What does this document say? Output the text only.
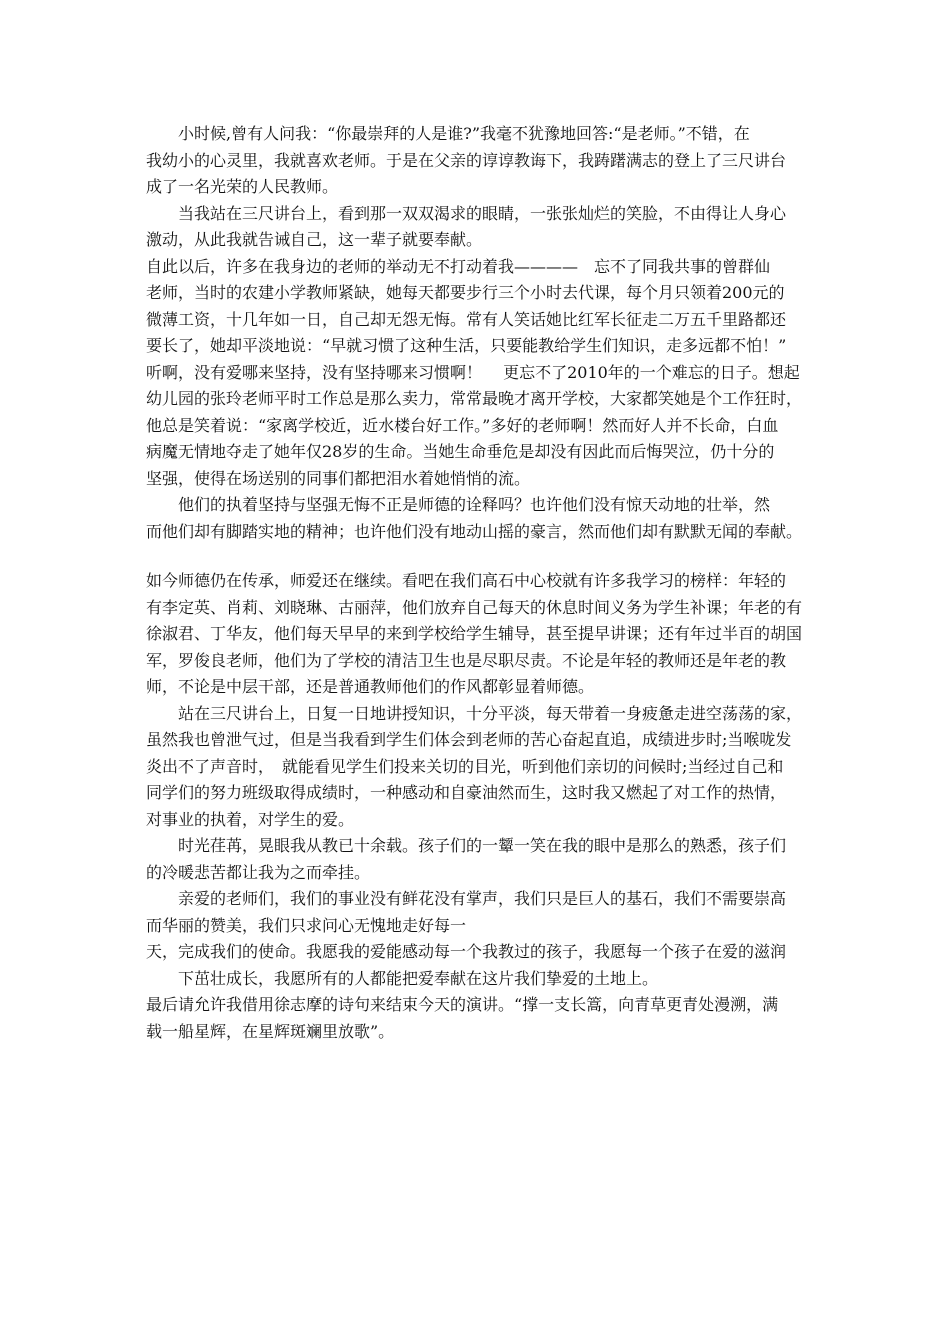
小时候,曾有人问我：“你最崇拜的人是谁?”我毫不犹豫地回答:“是老师。”不错，在
我幼小的心灵里，我就喜欢老师。于是在父亲的谆谆教诲下，我踌躇满志的登上了三尺讲台
成了一名光荣的人民教师。
当我站在三尺讲台上，看到那一双双渴求的眼睛，一张张灿烂的笑脸，不由得让人身心
激动，从此我就告诫自己，这一辈子就要奉献。
自此以后，许多在我身边的老师的举动无不打动着我————　忘不了同我共事的曾群仙
老师，当时的农建小学教师紧缺，她每天都要步行三个小时去代课，每个月只领着200元的
微薄工资，十几年如一日，自己却无怨无悔。常有人笑话她比红军长征走二万五千里路都还
要长了，她却平淡地说：“早就习惯了这种生活，只要能教给学生们知识，走多远都不怕！”
听啊，没有爱哪来坚持，没有坚持哪来习惯啊！　 更忘不了2010年的一个难忘的日子。想起
幼儿园的张玲老师平时工作总是那么卖力，常常最晚才离开学校，大家都笑她是个工作狂时，
他总是笑着说：“家离学校近，近水楼台好工作。”多好的老师啊！然而好人并不长命，白血
病魔无情地夺走了她年仅28岁的生命。当她生命垂危是却没有因此而后悔哭泣，仍十分的
坚强，使得在场送别的同事们都把泪水着她悄悄的流。
他们的执着坚持与坚强无悔不正是师德的诠释吗？也许他们没有惊天动地的壮举，然
而他们却有脚踏实地的精神；也许他们没有地动山摇的豪言，然而他们却有默默无闻的奉献。
如今师德仍在传承，师爱还在继续。看吧在我们高石中心校就有许多我学习的榜样：年轻的
有李定英、肖莉、刘晓琳、古丽萍，他们放弃自己每天的休息时间义务为学生补课；年老的有
徐淑君、丁华友，他们每天早早的来到学校给学生辅导，甚至提早讲课；还有年过半百的胡国
军，罗俊良老师，他们为了学校的清洁卫生也是尽职尽责。不论是年轻的教师还是年老的教
师，不论是中层干部，还是普通教师他们的作风都彰显着师德。
站在三尺讲台上，日复一日地讲授知识，十分平淡，每天带着一身疲惫走进空荡荡的家，
虽然我也曾泄气过，但是当我看到学生们体会到老师的苦心奋起直追，成绩进步时;当喉咙发
炎出不了声音时，　就能看见学生们投来关切的目光，听到他们亲切的问候时;当经过自己和
同学们的努力班级取得成绩时，一种感动和自豪油然而生，这时我又燃起了对工作的热情，
对事业的执着，对学生的爱。
时光荏苒，晃眼我从教已十余载。孩子们的一颦一笑在我的眼中是那么的熟悉，孩子们
的冷暖悲苦都让我为之而牵挂。
亲爱的老师们，我们的事业没有鲜花没有掌声，我们只是巨人的基石，我们不需要崇高
而华丽的赞美，我们只求问心无愧地走好每一
天，完成我们的使命。我愿我的爱能感动每一个我教过的孩子，我愿每一个孩子在爱的滋润
下茁壮成长，我愿所有的人都能把爱奉献在这片我们挚爱的土地上。
最后请允许我借用徐志摩的诗句来结束今天的演讲。“撑一支长篙，向青草更青处漫溯，满
载一船星辉，在星辉斑斓里放歌”。
